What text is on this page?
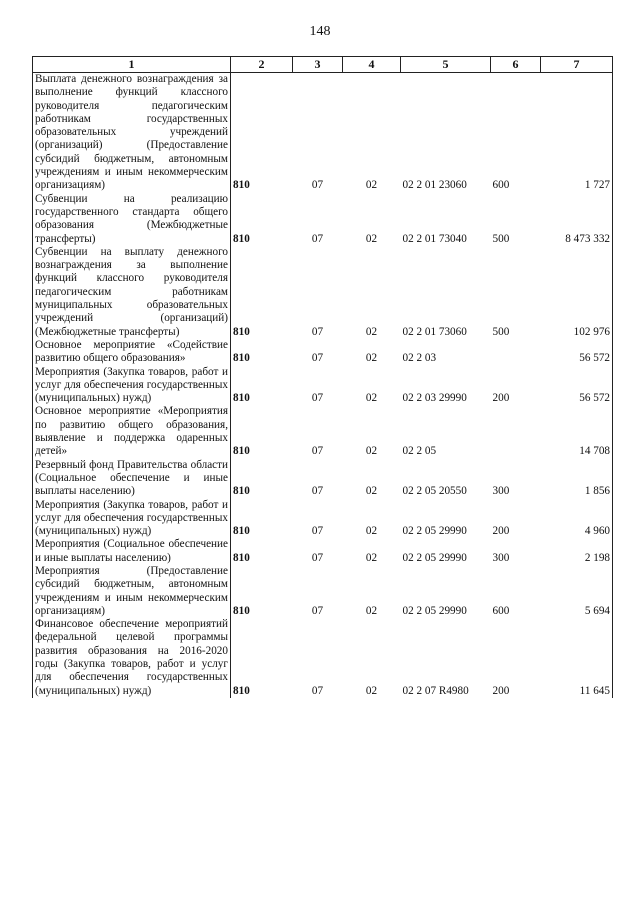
148
1	2	3	4	5	6	7
Выплата денежного вознаграждения за выполнение функций классного руководителя педагогическим работникам государственных образовательных учреждений (организаций) (Предоставление субсидий бюджетным, автономным учреждениям и иным некоммерческим организациям)	810	07	02	02 2 01 23060	600	1 727
Субвенции на реализацию государственного стандарта общего образования (Межбюджетные трансферты)	810	07	02	02 2 01 73040	500	8 473 332
Субвенции на выплату денежного вознаграждения за выполнение функций классного руководителя педагогическим работникам муниципальных образовательных учреждений (организаций) (Межбюджетные трансферты)	810	07	02	02 2 01 73060	500	102 976
Основное мероприятие «Содействие развитию общего образования»	810	07	02	02 2 03		56 572
Мероприятия (Закупка товаров, работ и услуг для обеспечения государственных (муниципальных) нужд)	810	07	02	02 2 03 29990	200	56 572
Основное мероприятие «Мероприятия по развитию общего образования, выявление и поддержка одаренных детей»	810	07	02	02 2 05		14 708
Резервный фонд Правительства области (Социальное обеспечение и иные выплаты населению)	810	07	02	02 2 05 20550	300	1 856
Мероприятия (Закупка товаров, работ и услуг для обеспечения государственных (муниципальных) нужд)	810	07	02	02 2 05 29990	200	4 960
Мероприятия (Социальное обеспечение и иные выплаты населению)	810	07	02	02 2 05 29990	300	2 198
Мероприятия (Предоставление субсидий бюджетным, автономным учреждениям и иным некоммерческим организациям)	810	07	02	02 2 05 29990	600	5 694
Финансовое обеспечение мероприятий федеральной целевой программы развития образования на 2016-2020 годы (Закупка товаров, работ и услуг для обеспечения государственных (муниципальных) нужд)	810	07	02	02 2 07 R4980	200	11 645
